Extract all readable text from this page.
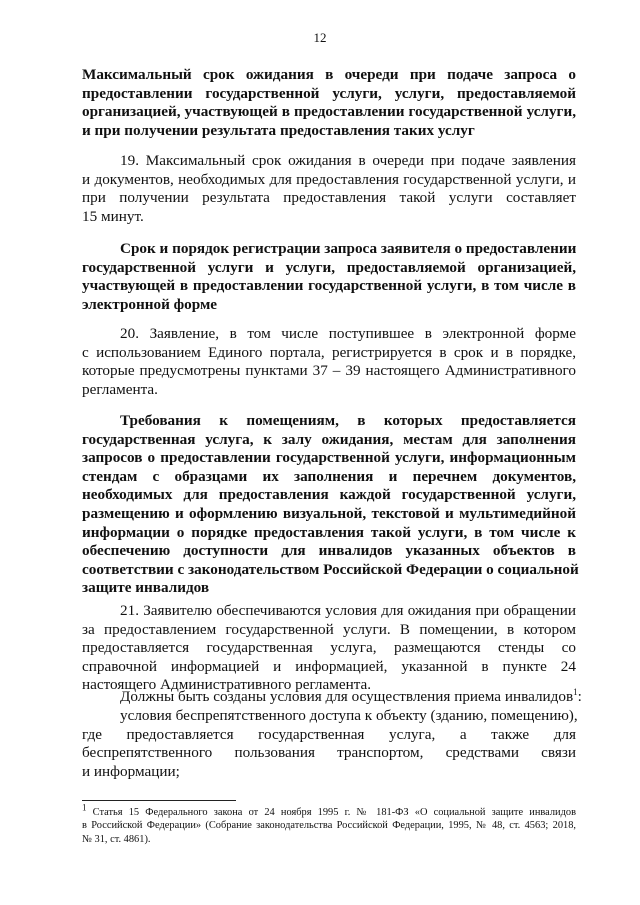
12
Максимальный срок ожидания в очереди при подаче запроса о
предоставлении государственной услуги, услуги, предоставляемой
организацией, участвующей в предоставлении государственной услуги,
и при получении результата предоставления таких услуг
19. Максимальный срок ожидания в очереди при подаче заявления
и документов, необходимых для предоставления государственной услуги, и
при получении результата предоставления такой услуги составляет
15 минут.
Срок и порядок регистрации запроса заявителя о предоставлении
государственной услуги и услуги, предоставляемой организацией,
участвующей в предоставлении государственной услуги, в том числе в
электронной форме
20. Заявление, в том числе поступившее в электронной форме
с использованием Единого портала, регистрируется в срок и в порядке,
которые предусмотрены пунктами 37 – 39 настоящего Административного
регламента.
Требования к помещениям, в которых предоставляется
государственная услуга, к залу ожидания, местам для заполнения
запросов о предоставлении государственной услуги, информационным
стендам с образцами их заполнения и перечнем документов,
необходимых для предоставления каждой государственной услуги,
размещению и оформлению визуальной, текстовой и мультимедийной
информации о порядке предоставления такой услуги, в том числе к
обеспечению доступности для инвалидов указанных объектов в
соответствии с законодательством Российской Федерации о социальной
защите инвалидов
21. Заявителю обеспечиваются условия для ожидания при обращении
за предоставлением государственной услуги. В помещении, в котором
предоставляется государственная услуга, размещаются стенды со
справочной информацией и информацией, указанной в пункте 24
настоящего Административного регламента.
Должны быть созданы условия для осуществления приема инвалидов$^1$:
условия беспрепятственного доступа к объекту (зданию, помещению),
где предоставляется государственная услуга, а также для
беспрепятственного пользования транспортом, средствами связи
и информации;
$^1$ Статья 15 Федерального закона от 24 ноября 1995 г. № 181-ФЗ «О социальной защите инвалидов
в Российской Федерации» (Собрание законодательства Российской Федерации, 1995, № 48, ст. 4563; 2018,
№ 31, ст. 4861).
